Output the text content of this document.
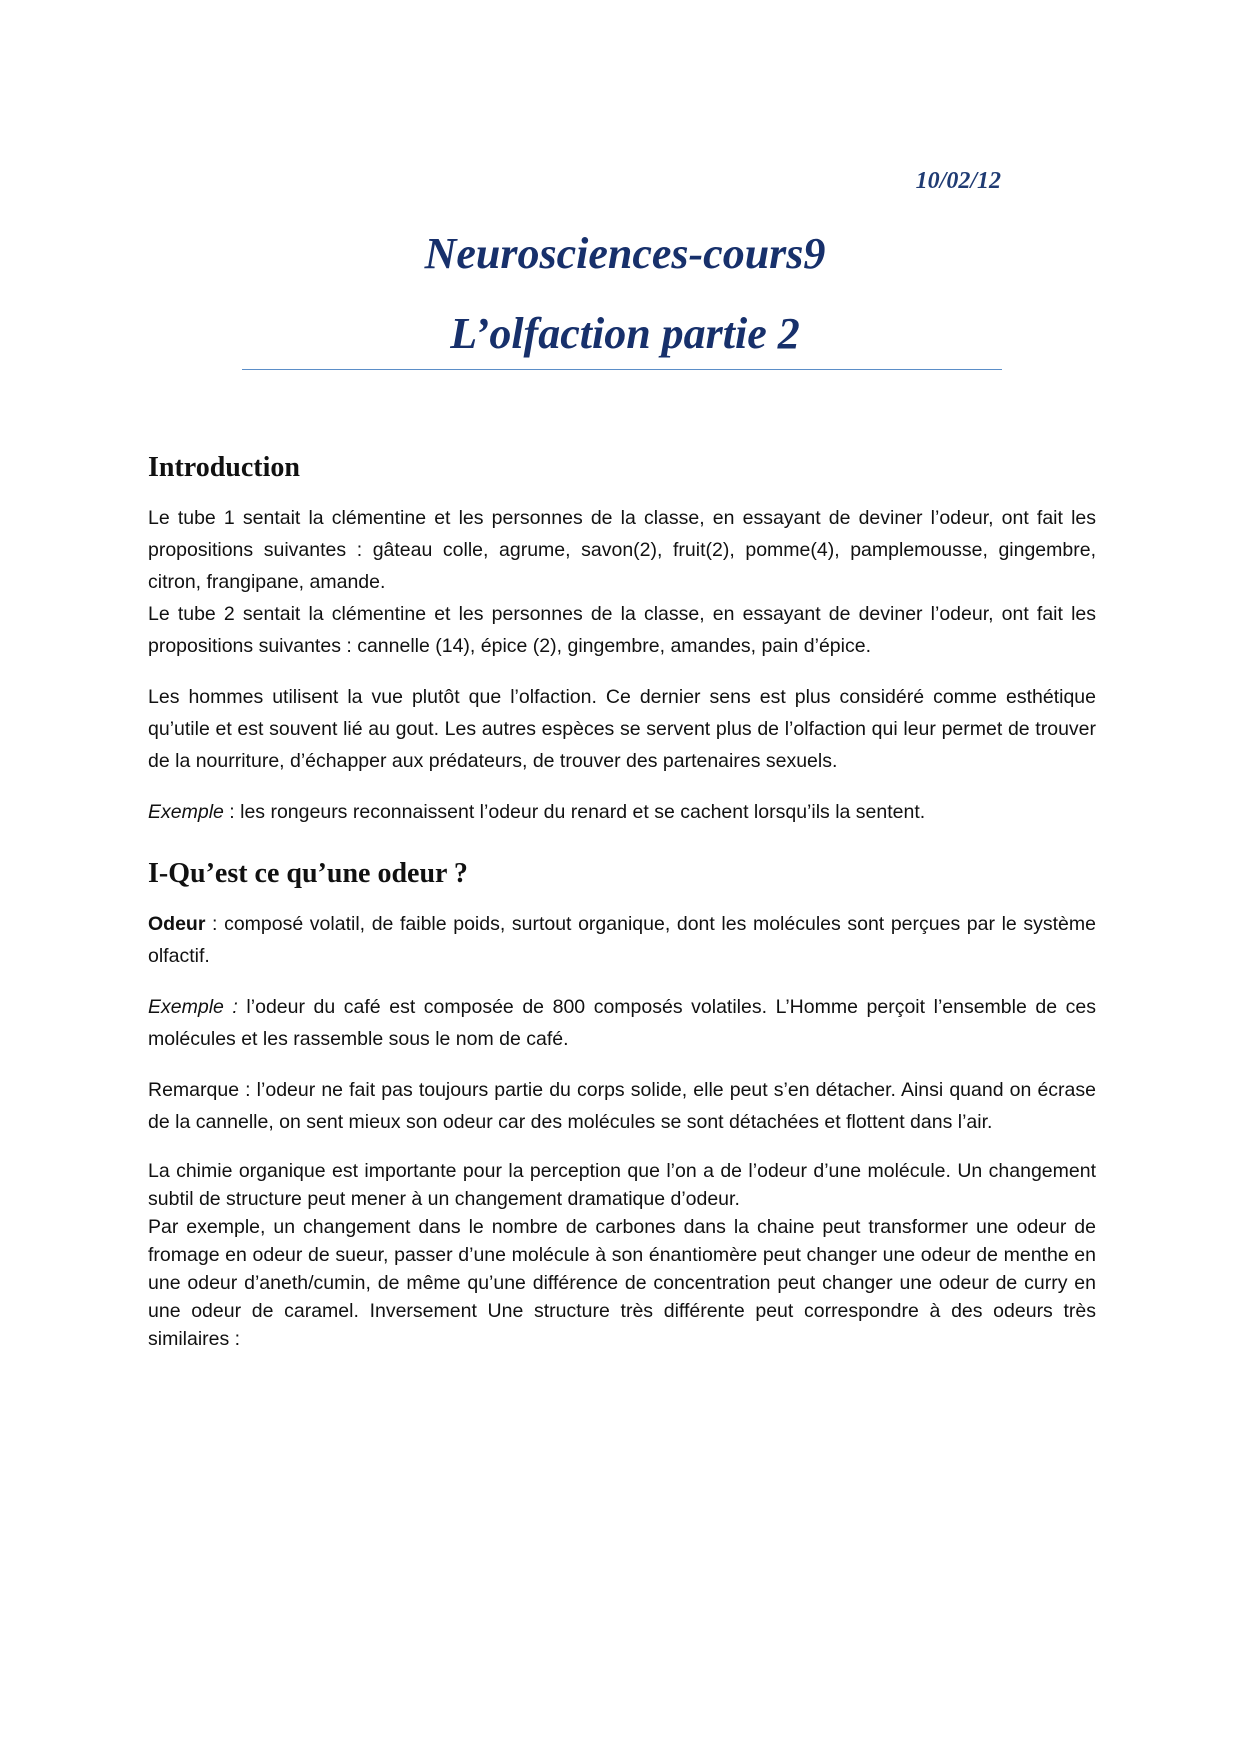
10/02/12
Neurosciences-cours9
L’olfaction partie 2
Introduction

Le tube 1 sentait la clémentine et les personnes de la classe, en essayant de deviner l’odeur, ont fait les propositions suivantes : gâteau colle, agrume, savon(2), fruit(2), pomme(4), pamplemousse, gingembre, citron, frangipane, amande.

Le tube 2 sentait la clémentine et les personnes de la classe, en essayant de deviner l’odeur, ont fait les propositions suivantes : cannelle (14), épice (2), gingembre, amandes, pain d’épice.

Les hommes utilisent la vue plutôt que l’olfaction. Ce dernier sens est plus considéré comme esthétique qu’utile et est souvent lié au gout. Les autres espèces se servent plus de l’olfaction qui leur permet de trouver de la nourriture, d’échapper aux prédateurs, de trouver des partenaires sexuels.

Exemple : les rongeurs reconnaissent l’odeur du renard et se cachent lorsqu’ils la sentent.

I-Qu’est ce qu’une odeur ?

Odeur : composé volatil, de faible poids, surtout organique, dont les molécules sont perçues par le système olfactif.

Exemple : l’odeur du café est composée de 800 composés volatiles. L’Homme perçoit l’ensemble de ces molécules et les rassemble sous le nom de café.

Remarque : l’odeur ne fait pas toujours partie du corps solide, elle peut s’en détacher. Ainsi quand on écrase de la cannelle, on sent mieux son odeur car des molécules se sont détachées et flottent dans l’air.

La chimie organique est importante pour la perception que l’on a de l’odeur d’une molécule. Un changement subtil de structure peut mener à un changement dramatique d’odeur.

Par exemple, un changement dans le nombre de carbones dans la chaine peut transformer une odeur de fromage en odeur de sueur, passer d’une molécule à son énantiomère peut changer une odeur de menthe en une odeur d’aneth/cumin, de même qu’une différence de concentration peut changer une odeur de curry en une odeur de caramel. Inversement Une structure très différente peut correspondre à des odeurs très similaires :
